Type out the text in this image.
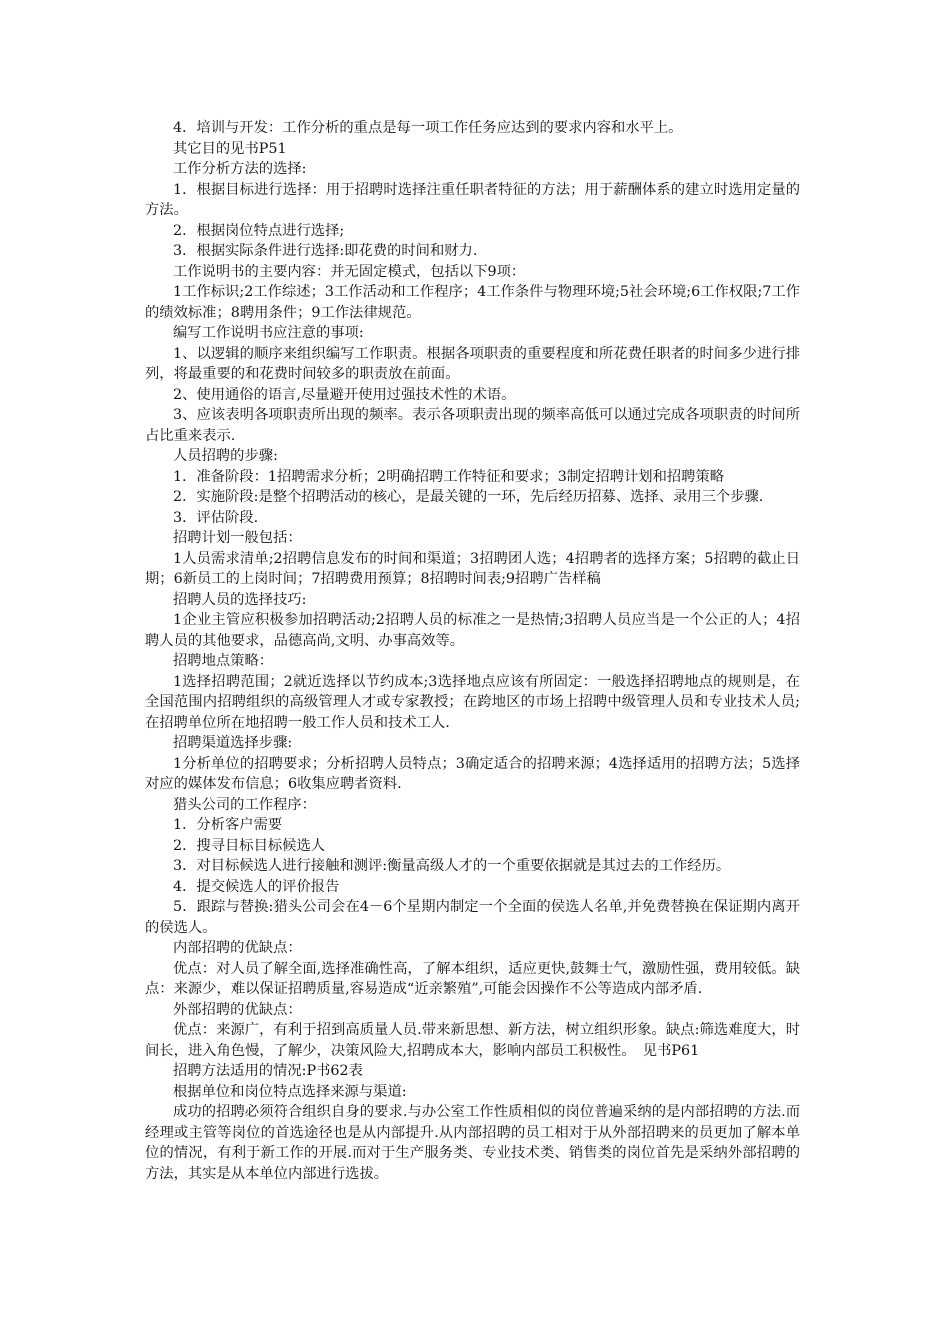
4．培训与开发：工作分析的重点是每一项工作任务应达到的要求内容和水平上。

其它目的见书P51

工作分析方法的选择:

1．根据目标进行选择：用于招聘时选择注重任职者特征的方法；用于薪酬体系的建立时选用定量的方法。

2．根据岗位特点进行选择;

3．根据实际条件进行选择:即花费的时间和财力.

工作说明书的主要内容：并无固定模式，包括以下9项：

1工作标识;2工作综述；3工作活动和工作程序；4工作条件与物理环境;5社会环境;6工作权限;7工作的绩效标准；8聘用条件；9工作法律规范。

编写工作说明书应注意的事项:

1、以逻辑的顺序来组织编写工作职责。根据各项职责的重要程度和所花费任职者的时间多少进行排列，将最重要的和花费时间较多的职责放在前面。

2、使用通俗的语言,尽量避开使用过强技术性的术语。

3、应该表明各项职责所出现的频率。表示各项职责出现的频率高低可以通过完成各项职责的时间所占比重来表示.

人员招聘的步骤:

1．准备阶段：1招聘需求分析；2明确招聘工作特征和要求；3制定招聘计划和招聘策略

2．实施阶段:是整个招聘活动的核心，是最关键的一环，先后经历招募、选择、录用三个步骤.

3．评估阶段.

招聘计划一般包括：

1人员需求清单;2招聘信息发布的时间和渠道；3招聘团人选；4招聘者的选择方案；5招聘的截止日期；6新员工的上岗时间；7招聘费用预算；8招聘时间表;9招聘广告样稿

招聘人员的选择技巧:

1企业主管应积极参加招聘活动;2招聘人员的标准之一是热情;3招聘人员应当是一个公正的人；4招聘人员的其他要求，品德高尚,文明、办事高效等。

招聘地点策略：

1选择招聘范围；2就近选择以节约成本;3选择地点应该有所固定：一般选择招聘地点的规则是，在全国范围内招聘组织的高级管理人才或专家教授；在跨地区的市场上招聘中级管理人员和专业技术人员;在招聘单位所在地招聘一般工作人员和技术工人.

招聘渠道选择步骤:

1分析单位的招聘要求；分析招聘人员特点；3确定适合的招聘来源；4选择适用的招聘方法；5选择对应的媒体发布信息；6收集应聘者资料.

猎头公司的工作程序：

1．分析客户需要

2．搜寻目标目标候选人

3．对目标候选人进行接触和测评:衡量高级人才的一个重要依据就是其过去的工作经历。

4．提交候选人的评价报告

5．跟踪与替换:猎头公司会在4－6个星期内制定一个全面的侯选人名单,并免费替换在保证期内离开的侯选人。

内部招聘的优缺点：

优点：对人员了解全面,选择准确性高，了解本组织，适应更快,鼓舞士气，激励性强，费用较低。缺点：来源少，难以保证招聘质量,容易造成“近亲繁殖”,可能会因操作不公等造成内部矛盾.

外部招聘的优缺点：

优点：来源广，有利于招到高质量人员.带来新思想、新方法，树立组织形象。缺点:筛选难度大，时间长，进入角色慢，了解少，决策风险大,招聘成本大，影响内部员工积极性。　见书P61

招聘方法适用的情况:P书62表

根据单位和岗位特点选择来源与渠道:

成功的招聘必须符合组织自身的要求.与办公室工作性质相似的岗位普遍采纳的是内部招聘的方法.而经理或主管等岗位的首选途径也是从内部提升.从内部招聘的员工相对于从外部招聘来的员更加了解本单位的情况，有利于新工作的开展.而对于生产服务类、专业技术类、销售类的岗位首先是采纳外部招聘的方法，其实是从本单位内部进行选拔。
